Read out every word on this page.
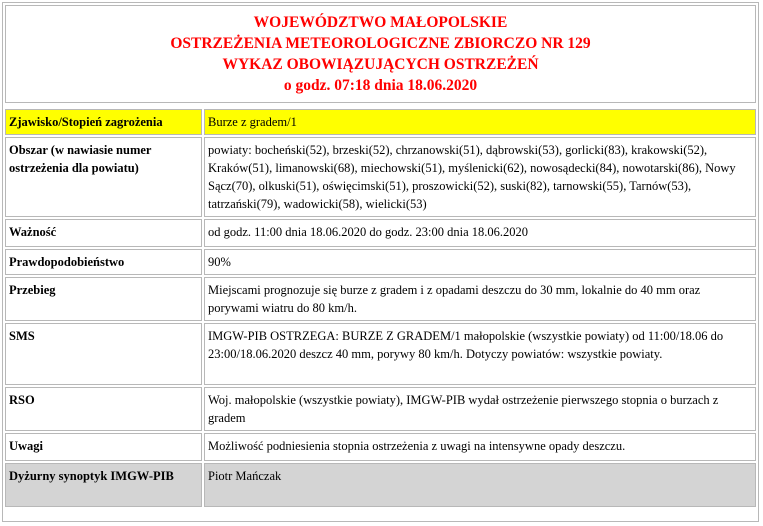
WOJEWÓDZTWO MAŁOPOLSKIE
OSTRZEŻENIA METEOROLOGICZNE ZBIORCZO NR 129
WYKAZ OBOWIĄZUJĄCYCH OSTRZEŻEŃ
o godz. 07:18 dnia 18.06.2020
Zjawisko/Stopień zagrożenia		Burze z gradem/1
Obszar (w nawiasie numer ostrzeżenia dla powiatu)		powiaty: bocheński(52), brzeski(52), chrzanowski(51), dąbrowski(53), gorlicki(83), krakowski(52), Kraków(51), limanowski(68), miechowski(51), myślenicki(62), nowosądecki(84), nowotarski(86), Nowy Sącz(70), olkuski(51), oświęcimski(51), proszowicki(52), suski(82), tarnowski(55), Tarnów(53), tatrzański(79), wadowicki(58), wielicki(53)
Ważność		od godz. 11:00 dnia 18.06.2020 do godz. 23:00 dnia 18.06.2020
Prawdopodobieństwo		90%
Przebieg		Miejscami prognozuje się burze z gradem i z opadami deszczu do 30 mm, lokalnie do 40 mm oraz porywami wiatru do 80 km/h.
SMS		IMGW-PIB OSTRZEGA: BURZE Z GRADEM/1 małopolskie (wszystkie powiaty) od 11:00/18.06 do 23:00/18.06.2020 deszcz 40 mm, porywy 80 km/h. Dotyczy powiatów: wszystkie powiaty.
RSO		Woj. małopolskie (wszystkie powiaty), IMGW-PIB wydał ostrzeżenie pierwszego stopnia o burzach z gradem
Uwagi		Możliwość podniesienia stopnia ostrzeżenia z uwagi na intensywne opady deszczu.
Dyżurny synoptyk IMGW-PIB		Piotr Mańczak
